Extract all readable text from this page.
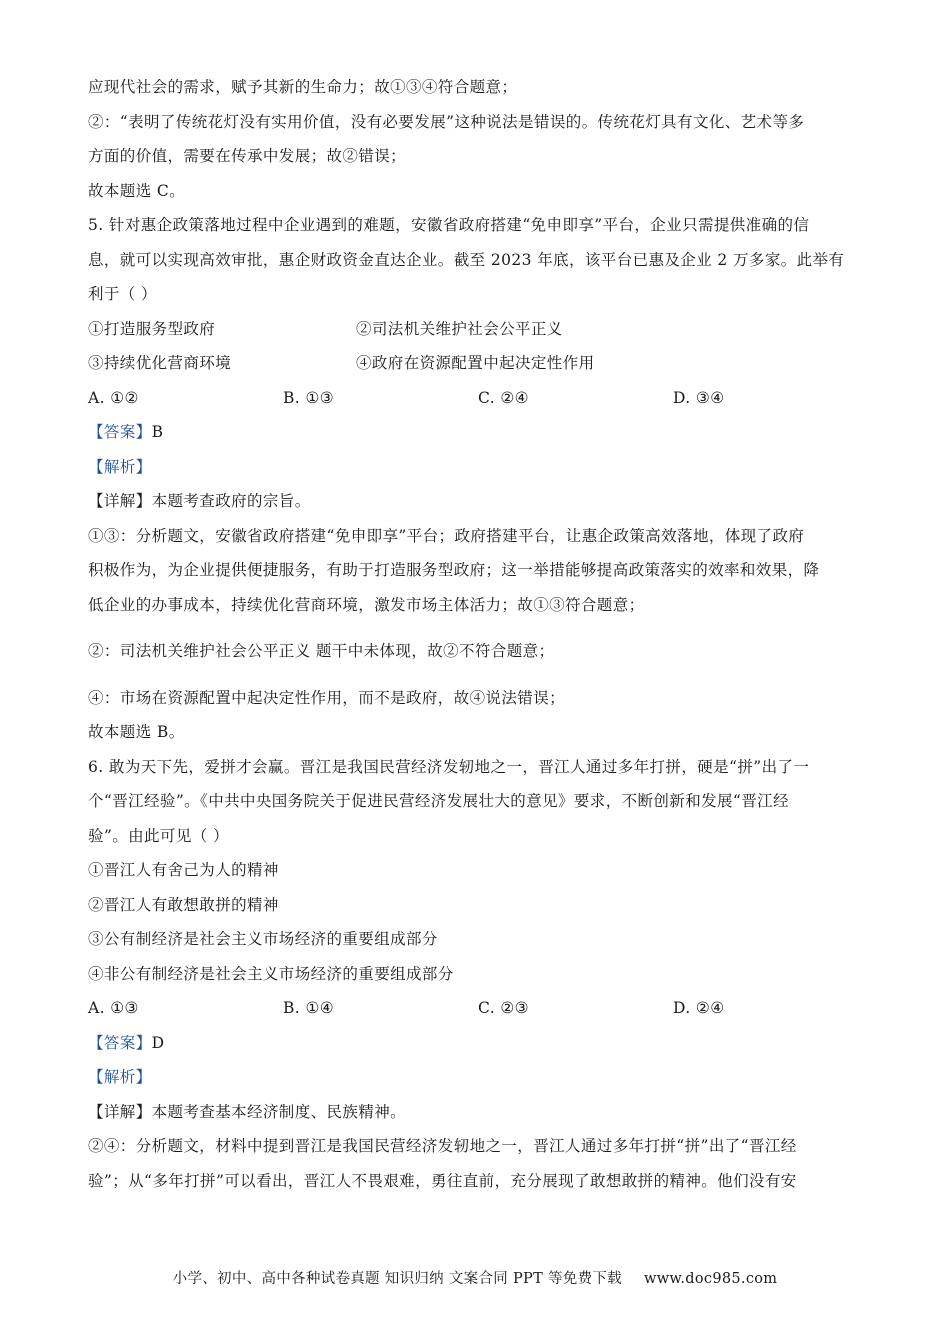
应现代社会的需求，赋予其新的生命力；故①③④符合题意；
②：“表明了传统花灯没有实用价值，没有必要发展”这种说法是错误的。传统花灯具有文化、艺术等多
方面的价值，需要在传承中发展；故②错误；
故本题选 C。
5. 针对惠企政策落地过程中企业遇到的难题，安徽省政府搭建“免申即享”平台，企业只需提供准确的信
息，就可以实现高效审批，惠企财政资金直达企业。截至 2023 年底，该平台已惠及企业 2 万多家。此举有
利于（ ）
①打造服务型政府	②司法机关维护社会公平正义
③持续优化营商环境	④政府在资源配置中起决定性作用
A. ①②	B. ①③	C. ②④	D. ③④
【答案】B
【解析】
【详解】本题考查政府的宗旨。
①③：分析题文，安徽省政府搭建“免申即享”平台；政府搭建平台，让惠企政策高效落地，体现了政府
积极作为，为企业提供便捷服务，有助于打造服务型政府；这一举措能够提高政策落实的效率和效果，降
低企业的办事成本，持续优化营商环境，激发市场主体活力；故①③符合题意；
②：司法机关维护社会公平正义 题干中未体现，故②不符合题意；
④：市场在资源配置中起决定性作用，而不是政府，故④说法错误；
故本题选 B。
6. 敢为天下先，爱拼才会赢。晋江是我国民营经济发轫地之一，晋江人通过多年打拼，硬是“拼”出了一
个“晋江经验”。《中共中央国务院关于促进民营经济发展壮大的意见》要求，不断创新和发展“晋江经
验”。由此可见（ ）
①晋江人有舍己为人的精神
②晋江人有敢想敢拼的精神
③公有制经济是社会主义市场经济的重要组成部分
④非公有制经济是社会主义市场经济的重要组成部分
A. ①③	B. ①④	C. ②③	D. ②④
【答案】D
【解析】
【详解】本题考查基本经济制度、民族精神。
②④：分析题文，材料中提到晋江是我国民营经济发轫地之一，晋江人通过多年打拼“拼”出了“晋江经
验”；从“多年打拼”可以看出，晋江人不畏艰难，勇往直前，充分展现了敢想敢拼的精神。他们没有安
小学、初中、高中各种试卷真题 知识归纳 文案合同 PPT 等免费下载 www.doc985.com
